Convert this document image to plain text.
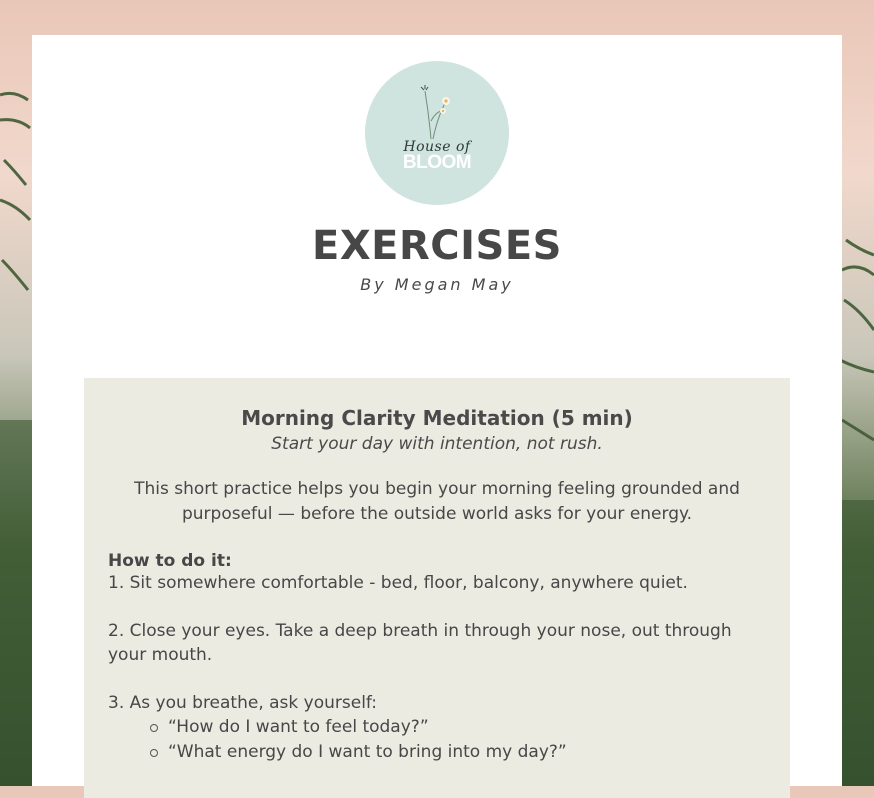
House of
BLOOM
EXERCISES
By Megan May
Morning Clarity Meditation (5 min)
Start your day with intention, not rush.
This short practice helps you begin your morning feeling grounded and purposeful — before the outside world asks for your energy.
How to do it:
1. Sit somewhere comfortable - bed, floor, balcony, anywhere quiet.
2. Close your eyes. Take a deep breath in through your nose, out through your mouth.
3. As you breathe, ask yourself:
“How do I want to feel today?”
“What energy do I want to bring into my day?”
